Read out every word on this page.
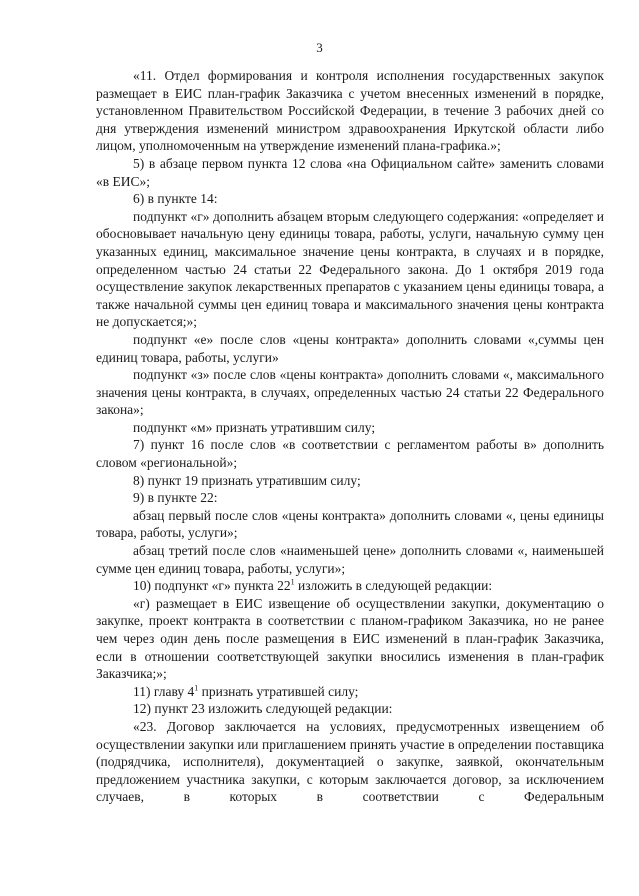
3

«11. Отдел формирования и контроля исполнения государственных закупок размещает в ЕИС план-график Заказчика с учетом внесенных изменений в порядке, установленном Правительством Российской Федерации, в течение 3 рабочих дней со дня утверждения изменений министром здравоохранения Иркутской области либо лицом, уполномоченным на утверждение изменений плана-графика.»;

5) в абзаце первом пункта 12 слова «на Официальном сайте» заменить словами «в ЕИС»;

6) в пункте 14:

подпункт «г» дополнить абзацем вторым следующего содержания: «определяет и обосновывает начальную цену единицы товара, работы, услуги, начальную сумму цен указанных единиц, максимальное значение цены контракта, в случаях и в порядке, определенном частью 24 статьи 22 Федерального закона. До 1 октября 2019 года осуществление закупок лекарственных препаратов с указанием цены единицы товара, а также начальной суммы цен единиц товара и максимального значения цены контракта не допускается;»;

подпункт «е» после слов «цены контракта» дополнить словами «,суммы цен единиц товара, работы, услуги»

подпункт «з» после слов «цены контракта» дополнить словами «, максимального значения цены контракта, в случаях, определенных частью 24 статьи 22 Федерального закона»;

подпункт «м» признать утратившим силу;

7) пункт 16 после слов «в соответствии с регламентом работы в» дополнить словом «региональной»;

8) пункт 19 признать утратившим силу;

9) в пункте 22:

абзац первый после слов «цены контракта» дополнить словами «, цены единицы товара, работы, услуги»;

абзац третий после слов «наименьшей цене» дополнить словами «, наименьшей сумме цен единиц товара, работы, услуги»;

10) подпункт «г» пункта $22^1$ изложить в следующей редакции:

«г) размещает в ЕИС извещение об осуществлении закупки, документацию о закупке, проект контракта в соответствии с планом-графиком Заказчика, но не ранее чем через один день после размещения в ЕИС изменений в план-график Заказчика, если в отношении соответствующей закупки вносились изменения в план-график Заказчика;»;

11) главу $4^1$ признать утратившей силу;

12) пункт 23 изложить следующей редакции:

«23. Договор заключается на условиях, предусмотренных извещением об осуществлении закупки или приглашением принять участие в определении поставщика (подрядчика, исполнителя), документацией о закупке, заявкой, окончательным предложением участника закупки, с которым заключается договор, за исключением случаев, в которых в соответствии с Федеральным
